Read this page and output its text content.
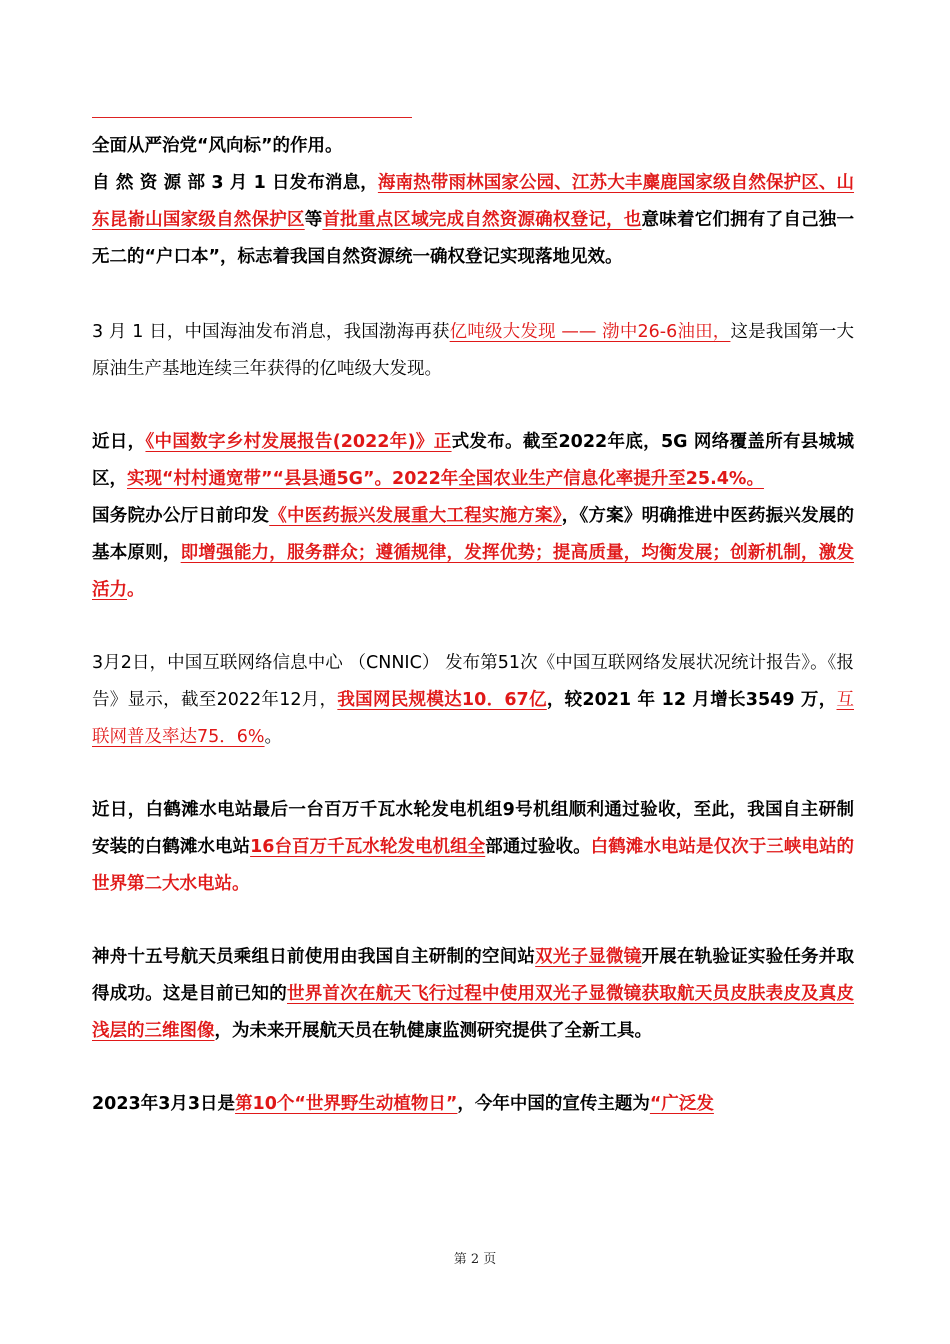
全面从严治党“风向标”的作用。

自 然 资 源 部 3 月 1 日发布消息，海南热带雨林国家公园、江苏大丰麋鹿国家级自然保护区、山东昆嵛山国家级自然保护区等首批重点区域完成自然资源确权登记，也意味着它们拥有了自己独一无二的“户口本”，标志着我国自然资源统一确权登记实现落地见效。

3 月 1 日，中国海油发布消息，我国渤海再获亿吨级大发现 —— 渤中26-6油田，这是我国第一大原油生产基地连续三年获得的亿吨级大发现。

近日，《中国数字乡村发展报告(2022年)》正式发布。截至2022年底，5G 网络覆盖所有县城城区，实现“村村通宽带”“县县通5G”。2022年全国农业生产信息化率提升至25.4%。

国务院办公厅日前印发《中医药振兴发展重大工程实施方案》，《方案》明确推进中医药振兴发展的基本原则，即增强能力，服务群众；遵循规律，发挥优势；提高质量，均衡发展；创新机制，激发活力。

3月2日，中国互联网络信息中心 （CNNIC） 发布第51次《中国互联网络发展状况统计报告》。《报告》显示，截至2022年12月，我国网民规模达10．67亿，较2021 年 12 月增长3549 万，互联网普及率达75．6%。

近日，白鹤滩水电站最后一台百万千瓦水轮发电机组9号机组顺利通过验收，至此，我国自主研制安装的白鹤滩水电站16台百万千瓦水轮发电机组全部通过验收。白鹤滩水电站是仅次于三峡电站的世界第二大水电站。

神舟十五号航天员乘组日前使用由我国自主研制的空间站双光子显微镜开展在轨验证实验任务并取得成功。这是目前已知的世界首次在航天飞行过程中使用双光子显微镜获取航天员皮肤表皮及真皮浅层的三维图像，为未来开展航天员在轨健康监测研究提供了全新工具。

2023年3月3日是第10个“世界野生动植物日”，今年中国的宣传主题为“广泛发

第 2 页
